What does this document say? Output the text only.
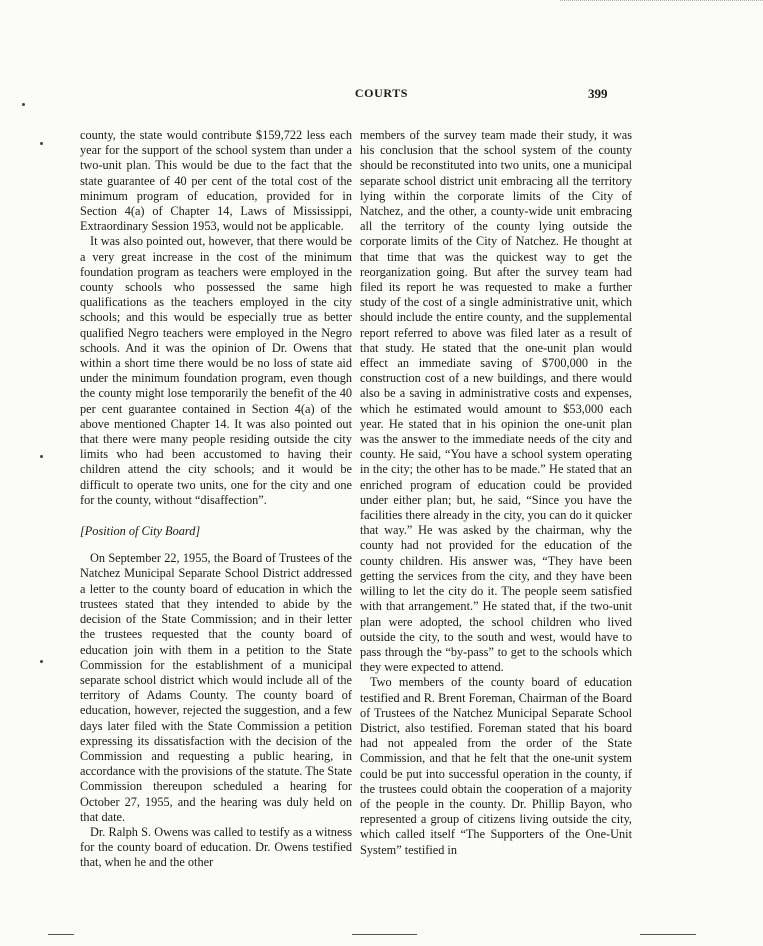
COURTS	399

county, the state would contribute $159,722 less each year for the support of the school system than under a two-unit plan. This would be due to the fact that the state guarantee of 40 per cent of the total cost of the minimum program of education, provided for in Section 4(a) of Chapter 14, Laws of Mississippi, Extraordinary Session 1953, would not be applicable.

It was also pointed out, however, that there would be a very great increase in the cost of the minimum foundation program as teachers were employed in the county schools who possessed the same high qualifications as the teachers employed in the city schools; and this would be especially true as better qualified Negro teachers were employed in the Negro schools. And it was the opinion of Dr. Owens that within a short time there would be no loss of state aid under the minimum foundation program, even though the county might lose temporarily the benefit of the 40 per cent guarantee contained in Section 4(a) of the above mentioned Chapter 14. It was also pointed out that there were many people residing outside the city limits who had been accustomed to having their children attend the city schools; and it would be difficult to operate two units, one for the city and one for the county, without “disaffection”.

[Position of City Board]

On September 22, 1955, the Board of Trustees of the Natchez Municipal Separate School District addressed a letter to the county board of education in which the trustees stated that they intended to abide by the decision of the State Commission; and in their letter the trustees requested that the county board of education join with them in a petition to the State Commission for the establishment of a municipal separate school district which would include all of the territory of Adams County. The county board of education, however, rejected the suggestion, and a few days later filed with the State Commission a petition expressing its dissatisfaction with the decision of the Commission and requesting a public hearing, in accordance with the provisions of the statute. The State Commission thereupon scheduled a hearing for October 27, 1955, and the hearing was duly held on that date.

Dr. Ralph S. Owens was called to testify as a witness for the county board of education. Dr. Owens testified that, when he and the other

members of the survey team made their study, it was his conclusion that the school system of the county should be reconstituted into two units, one a municipal separate school district unit embracing all the territory lying within the corporate limits of the City of Natchez, and the other, a county-wide unit embracing all the territory of the county lying outside the corporate limits of the City of Natchez. He thought at that time that was the quickest way to get the reorganization going. But after the survey team had filed its report he was requested to make a further study of the cost of a single administrative unit, which should include the entire county, and the supplemental report referred to above was filed later as a result of that study. He stated that the one-unit plan would effect an immediate saving of $700,000 in the construction cost of a new buildings, and there would also be a saving in administrative costs and expenses, which he estimated would amount to $53,000 each year. He stated that in his opinion the one-unit plan was the answer to the immediate needs of the city and county. He said, “You have a school system operating in the city; the other has to be made.” He stated that an enriched program of education could be provided under either plan; but, he said, “Since you have the facilities there already in the city, you can do it quicker that way.” He was asked by the chairman, why the county had not provided for the education of the county children. His answer was, “They have been getting the services from the city, and they have been willing to let the city do it. The people seem satisfied with that arrangement.” He stated that, if the two-unit plan were adopted, the school children who lived outside the city, to the south and west, would have to pass through the “by-pass” to get to the schools which they were expected to attend.

Two members of the county board of education testified and R. Brent Foreman, Chairman of the Board of Trustees of the Natchez Municipal Separate School District, also testified. Foreman stated that his board had not appealed from the order of the State Commission, and that he felt that the one-unit system could be put into successful operation in the county, if the trustees could obtain the cooperation of a majority of the people in the county. Dr. Phillip Bayon, who represented a group of citizens living outside the city, which called itself “The Supporters of the One-Unit System” testified in
